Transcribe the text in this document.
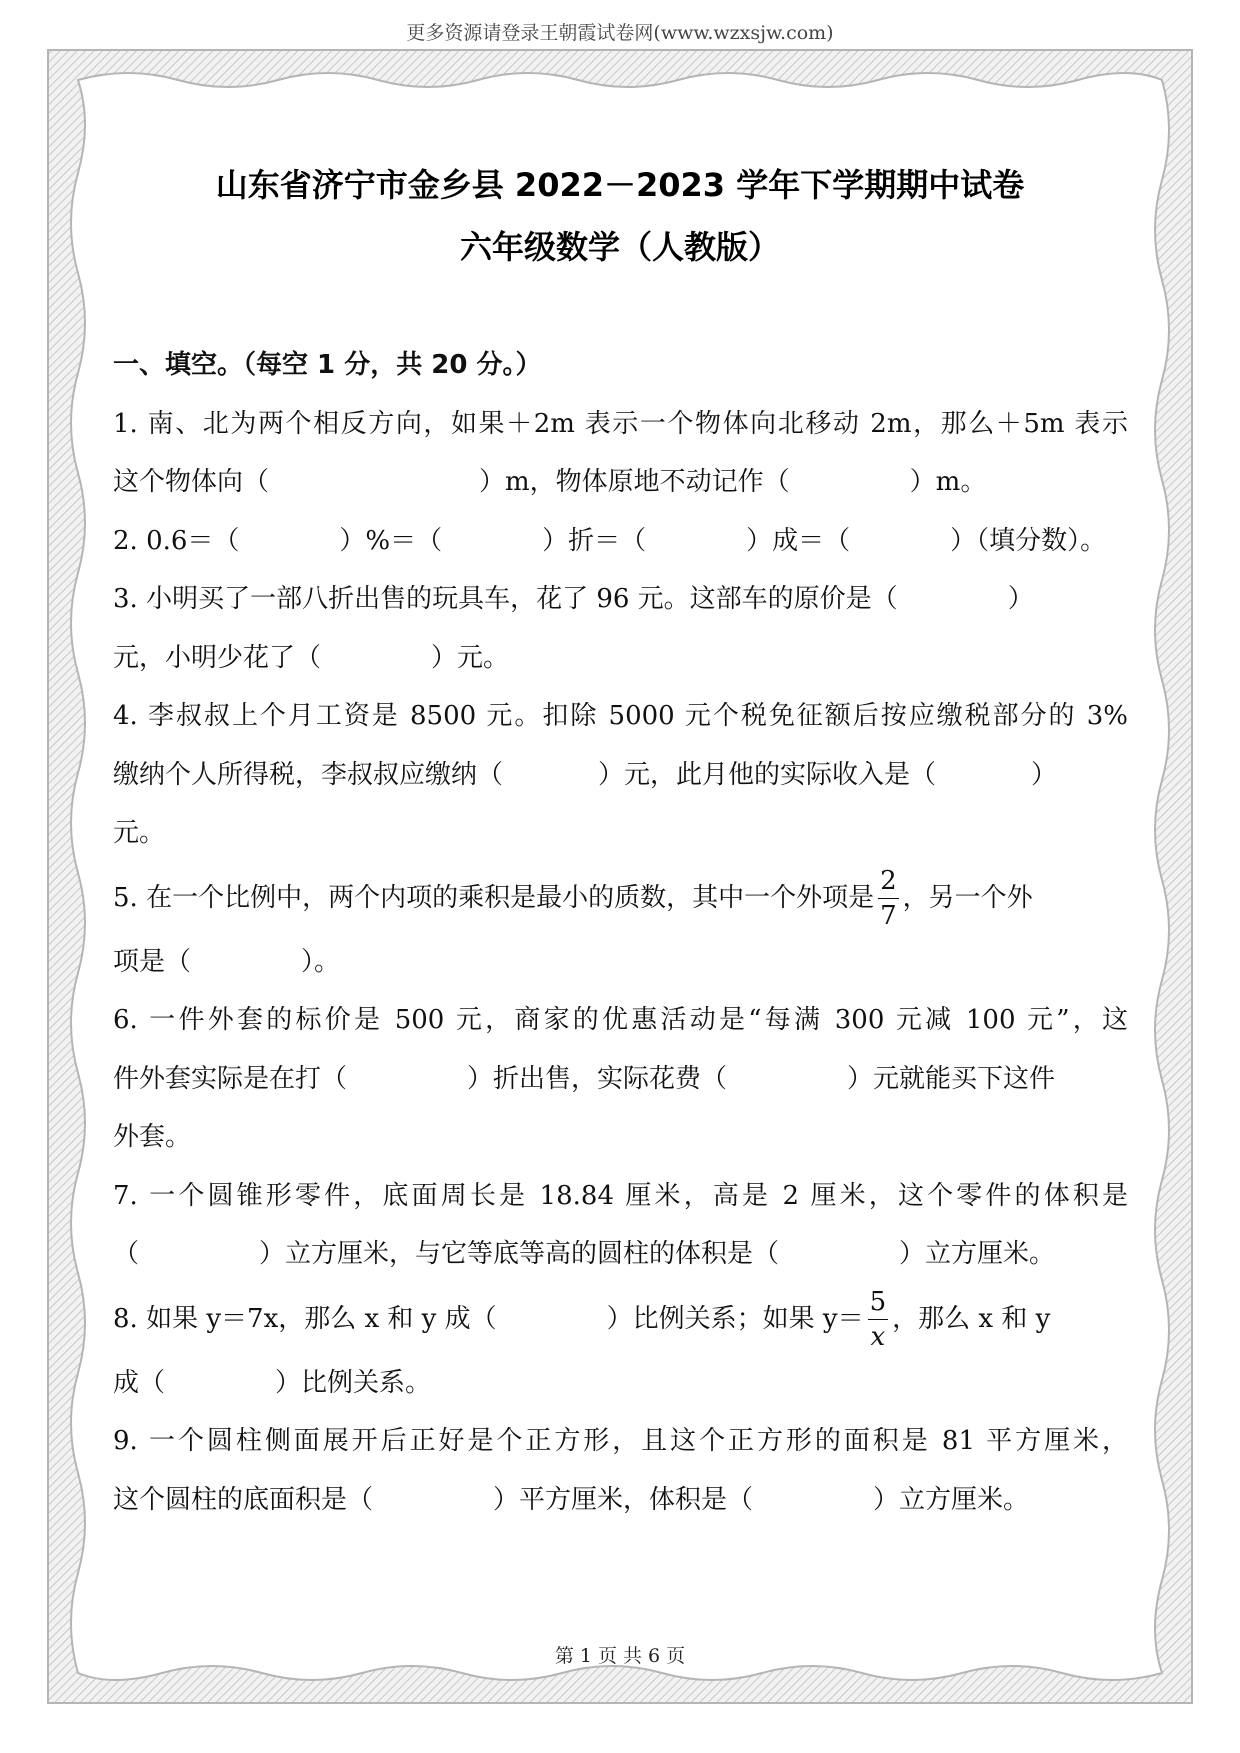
更多资源请登录王朝霞试卷网(www.wzxsjw.com)
山东省济宁市金乡县 2022－2023 学年下学期期中试卷
六年级数学（人教版）

一、填空。（每空 1 分，共 20 分。）

1. 南、北为两个相反方向，如果＋2m 表示一个物体向北移动 2m，那么＋5m 表示

这个物体向（	）m，物体原地不动记作（	）m。

2. 0.6＝（	）%＝（	）折＝（	）成＝（	）（填分数）。

3. 小明买了一部八折出售的玩具车，花了 96 元。这部车的原价是（	）

元，小明少花了（	）元。

4. 李叔叔上个月工资是 8500 元。扣除 5000 元个税免征额后按应缴税部分的 3%

缴纳个人所得税，李叔叔应缴纳（	）元，此月他的实际收入是（	）

元。

5. 在一个比例中，两个内项的乘积是最小的质数，其中一个外项是 $\frac{2}{7}$ ，另一个外

项是（	）。

6. 一件外套的标价是 500 元，商家的优惠活动是“每满 300 元减 100 元”，这

件外套实际是在打（	）折出售，实际花费（	）元就能买下这件

外套。

7. 一个圆锥形零件，底面周长是 18.84 厘米，高是 2 厘米，这个零件的体积是

（	）立方厘米，与它等底等高的圆柱的体积是（	）立方厘米。

8. 如果 y＝7x，那么 x 和 y 成（	）比例关系；如果 $y= \frac{5}{x}$ ，那么 x 和 y

成（	）比例关系。

9. 一个圆柱侧面展开后正好是个正方形，且这个正方形的面积是 81 平方厘米，

这个圆柱的底面积是（	）平方厘米，体积是（	）立方厘米。

第 1 页 共 6 页
